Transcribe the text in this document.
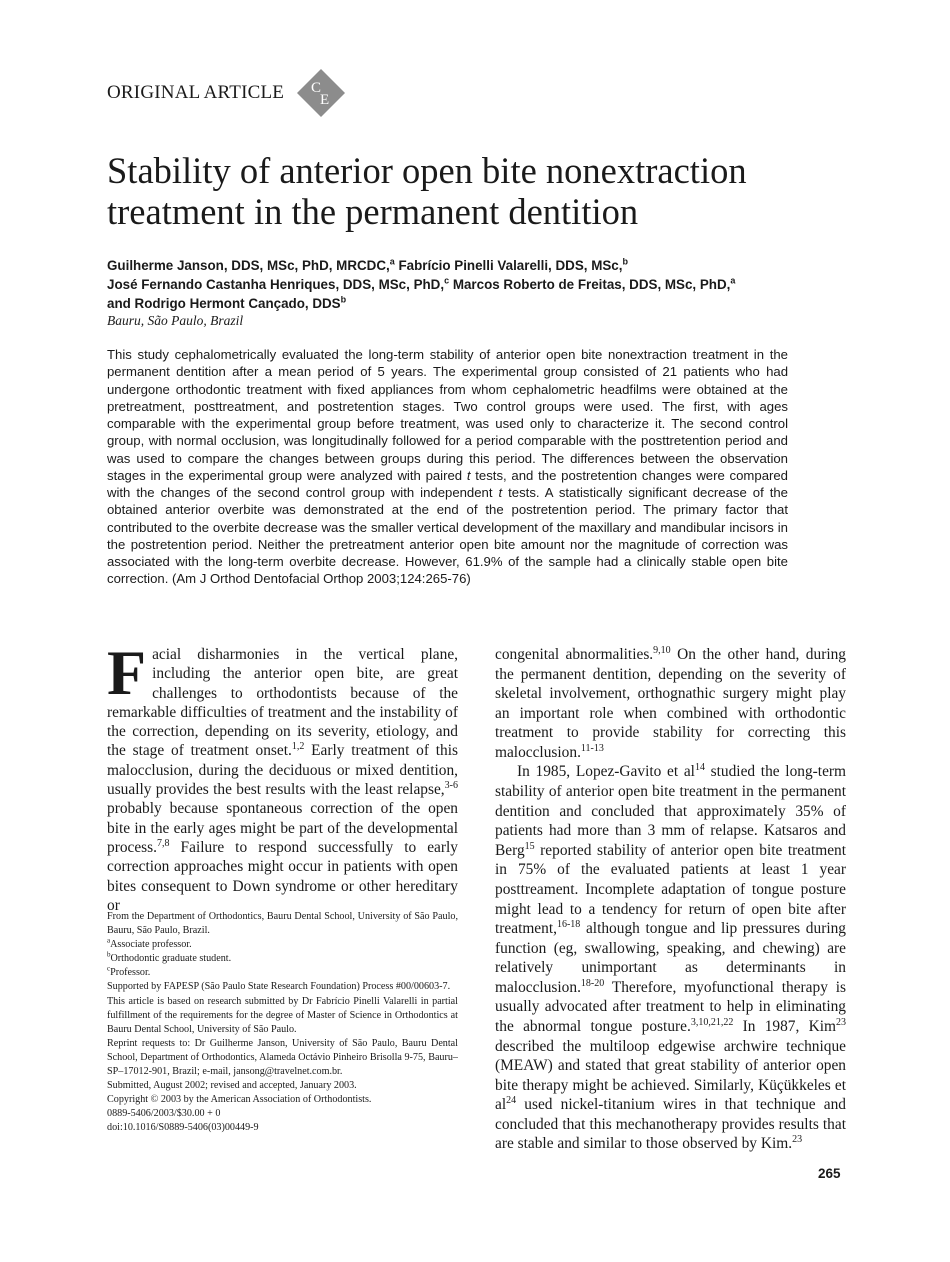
ORIGINAL ARTICLE C
E
Stability of anterior open bite nonextraction treatment in the permanent dentition
Guilherme Janson, DDS, MSc, PhD, MRCDC,$^a$ Fabrício Pinelli Valarelli, DDS, MSc,$^b$
José Fernando Castanha Henriques, DDS, MSc, PhD,$^c$ Marcos Roberto de Freitas, DDS, MSc, PhD,$^a$
and Rodrigo Hermont Cançado, DDS$^b$
Bauru, São Paulo, Brazil

This study cephalometrically evaluated the long-term stability of anterior open bite nonextraction treatment in the permanent dentition after a mean period of 5 years. The experimental group consisted of 21 patients who had undergone orthodontic treatment with fixed appliances from whom cephalometric headfilms were obtained at the pretreatment, posttreatment, and postretention stages. Two control groups were used. The first, with ages comparable with the experimental group before treatment, was used only to characterize it. The second control group, with normal occlusion, was longitudinally followed for a period comparable with the posttretention period and was used to compare the changes between groups during this period. The differences between the observation stages in the experimental group were analyzed with paired t tests, and the postretention changes were compared with the changes of the second control group with independent t tests. A statistically significant decrease of the obtained anterior overbite was demonstrated at the end of the postretention period. The primary factor that contributed to the overbite decrease was the smaller vertical development of the maxillary and mandibular incisors in the postretention period. Neither the pretreatment anterior open bite amount nor the magnitude of correction was associated with the long-term overbite decrease. However, 61.9% of the sample had a clinically stable open bite correction. (Am J Orthod Dentofacial Orthop 2003;124:265-76)

Facial disharmonies in the vertical plane, including the anterior open bite, are great challenges to orthodontists because of the remarkable difficulties of treatment and the instability of the correction, depending on its severity, etiology, and the stage of treatment onset.$^{1,2}$ Early treatment of this malocclusion, during the deciduous or mixed dentition, usually provides the best results with the least relapse,$^{3-6}$ probably because spontaneous correction of the open bite in the early ages might be part of the developmental process.$^{7,8}$ Failure to respond successfully to early correction approaches might occur in patients with open bites consequent to Down syndrome or other hereditary or

From the Department of Orthodontics, Bauru Dental School, University of São Paulo, Bauru, São Paulo, Brazil.
$^a$Associate professor.
$^b$Orthodontic graduate student.
$^c$Professor.
Supported by FAPESP (São Paulo State Research Foundation) Process #00/00603-7.
This article is based on research submitted by Dr Fabrício Pinelli Valarelli in partial fulfillment of the requirements for the degree of Master of Science in Orthodontics at Bauru Dental School, University of São Paulo.
Reprint requests to: Dr Guilherme Janson, University of São Paulo, Bauru Dental School, Department of Orthodontics, Alameda Octávio Pinheiro Brisolla 9-75, Bauru–SP–17012-901, Brazil; e-mail, jansong@travelnet.com.br.
Submitted, August 2002; revised and accepted, January 2003.
Copyright © 2003 by the American Association of Orthodontists.
0889-5406/2003/$30.00 + 0
doi:10.1016/S0889-5406(03)00449-9

congenital abnormalities.$^{9,10}$ On the other hand, during the permanent dentition, depending on the severity of skeletal involvement, orthognathic surgery might play an important role when combined with orthodontic treatment to provide stability for correcting this malocclusion.$^{11-13}$

In 1985, Lopez-Gavito et al$^{14}$ studied the long-term stability of anterior open bite treatment in the permanent dentition and concluded that approximately 35% of patients had more than 3 mm of relapse. Katsaros and Berg$^{15}$ reported stability of anterior open bite treatment in 75% of the evaluated patients at least 1 year posttreament. Incomplete adaptation of tongue posture might lead to a tendency for return of open bite after treatment,$^{16-18}$ although tongue and lip pressures during function (eg, swallowing, speaking, and chewing) are relatively unimportant as determinants in malocclusion.$^{18-20}$ Therefore, myofunctional therapy is usually advocated after treatment to help in eliminating the abnormal tongue posture.$^{3,10,21,22}$ In 1987, Kim$^{23}$ described the multiloop edgewise archwire technique (MEAW) and stated that great stability of anterior open bite therapy might be achieved. Similarly, Küçükkeles et al$^{24}$ used nickel-titanium wires in that technique and concluded that this mechanotherapy provides results that are stable and similar to those observed by Kim.$^{23}$

265
